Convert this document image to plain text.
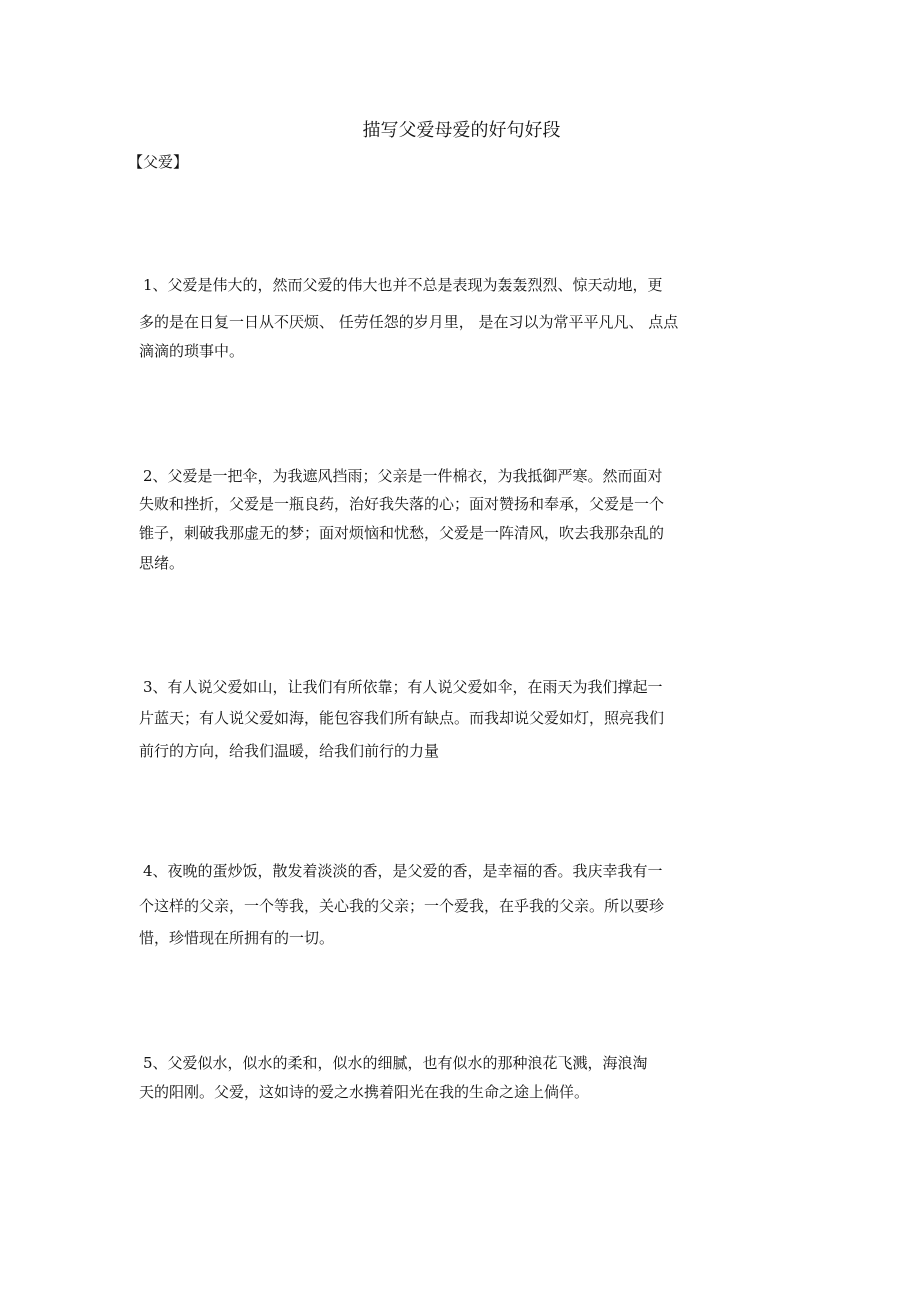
描写父爱母爱的好句好段
【父爱】
1、父爱是伟大的，然而父爱的伟大也并不总是表现为轰轰烈烈、惊天动地，更
多的是在日复一日从不厌烦、 任劳任怨的岁月里， 是在习以为常平平凡凡、 点点
滴滴的琐事中。
2、父爱是一把伞，为我遮风挡雨；父亲是一件棉衣，为我抵御严寒。然而面对
失败和挫折，父爱是一瓶良药，治好我失落的心；面对赞扬和奉承，父爱是一个
锥子，刺破我那虚无的梦；面对烦恼和忧愁，父爱是一阵清风，吹去我那杂乱的
思绪。
3、有人说父爱如山，让我们有所依靠；有人说父爱如伞，在雨天为我们撑起一
片蓝天；有人说父爱如海，能包容我们所有缺点。而我却说父爱如灯，照亮我们
前行的方向，给我们温暖，给我们前行的力量
4、夜晚的蛋炒饭，散发着淡淡的香，是父爱的香，是幸福的香。我庆幸我有一
个这样的父亲，一个等我，关心我的父亲；一个爱我，在乎我的父亲。所以要珍
惜，珍惜现在所拥有的一切。
5、父爱似水，似水的柔和，似水的细腻，也有似水的那种浪花飞溅，海浪淘
天的阳刚。父爱，这如诗的爱之水携着阳光在我的生命之途上倘佯。
